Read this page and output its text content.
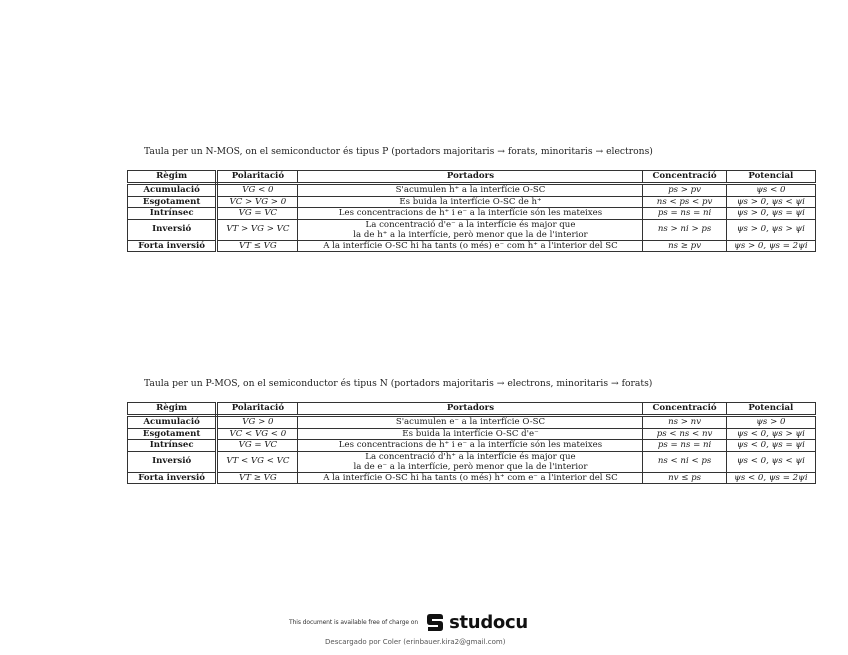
Taula per un N-MOS, on el semiconductor és tipus P (portadors majoritaris → forats, minoritaris → electrons)
Règim	Polaritació	Portadors	Concentració	Potencial
Acumulació	VG < 0	S'acumulen h⁺ a la interfície O-SC	ps > pv	ψs < 0
Esgotament	VC > VG > 0	Es buida la interfície O-SC de h⁺	ns < ps < pv	ψs > 0, ψs < ψi
Intrínsec	VG = VC	Les concentracions de h⁺ i e⁻ a la interfície són les mateixes	ps = ns = ni	ψs > 0, ψs = ψi
Inversió	VT > VG > VC	La concentració d'e⁻ a la interfície és major que
la de h⁺ a la interfície, però menor que la de l'interior	ns > ni > ps	ψs > 0, ψs > ψi
Forta inversió	VT ≤ VG	A la interfície O-SC hi ha tants (o més) e⁻ com h⁺ a l'interior del SC	ns ≥ pv	ψs > 0, ψs = 2ψi
Taula per un P-MOS, on el semiconductor és tipus N (portadors majoritaris → electrons, minoritaris → forats)
Règim	Polaritació	Portadors	Concentració	Potencial
Acumulació	VG > 0	S'acumulen e⁻ a la interfície O-SC	ns > nv	ψs > 0
Esgotament	VC < VG < 0	Es buida la interfície O-SC d'e⁻	ps < ns < nv	ψs < 0, ψs > ψi
Intrínsec	VG = VC	Les concentracions de h⁺ i e⁻ a la interfície són les mateixes	ps = ns = ni	ψs < 0, ψs = ψi
Inversió	VT < VG < VC	La concentració d'h⁺ a la interfície és major que
la de e⁻ a la interfície, però menor que la de l'interior	ns < ni < ps	ψs < 0, ψs < ψi
Forta inversió	VT ≥ VG	A la interfície O-SC hi ha tants (o més) h⁺ com e⁻ a l'interior del SC	nv ≤ ps	ψs < 0, ψs = 2ψi
This document is available free of charge on studocu
Descargado por Coler (erinbauer.kira2@gmail.com)
